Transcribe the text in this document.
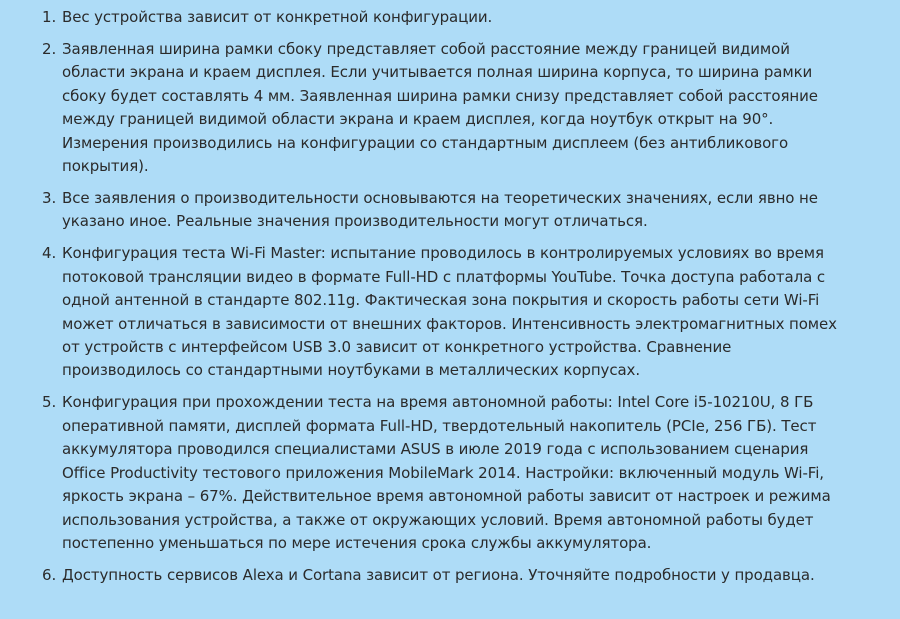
1. Вес устройства зависит от конкретной конфигурации.
2. Заявленная ширина рамки сбоку представляет собой расстояние между границей видимой области экрана и краем дисплея. Если учитывается полная ширина корпуса, то ширина рамки сбоку будет составлять 4 мм. Заявленная ширина рамки снизу представляет собой расстояние между границей видимой области экрана и краем дисплея, когда ноутбук открыт на 90°. Измерения производились на конфигурации со стандартным дисплеем (без антибликового покрытия).
3. Все заявления о производительности основываются на теоретических значениях, если явно не указано иное. Реальные значения производительности могут отличаться.
4. Конфигурация теста Wi-Fi Master: испытание проводилось в контролируемых условиях во время потоковой трансляции видео в формате Full-HD с платформы YouTube. Точка доступа работала с одной антенной в стандарте 802.11g. Фактическая зона покрытия и скорость работы сети Wi-Fi может отличаться в зависимости от внешних факторов. Интенсивность электромагнитных помех от устройств с интерфейсом USB 3.0 зависит от конкретного устройства. Сравнение производилось со стандартными ноутбуками в металлических корпусах.
5. Конфигурация при прохождении теста на время автономной работы: Intel Core i5-10210U, 8 ГБ оперативной памяти, дисплей формата Full-HD, твердотельный накопитель (PCIe, 256 ГБ). Тест аккумулятора проводился специалистами ASUS в июле 2019 года с использованием сценария Office Productivity тестового приложения MobileMark 2014. Настройки: включенный модуль Wi-Fi, яркость экрана – 67%. Действительное время автономной работы зависит от настроек и режима использования устройства, а также от окружающих условий. Время автономной работы будет постепенно уменьшаться по мере истечения срока службы аккумулятора.
6. Доступность сервисов Alexa и Cortana зависит от региона. Уточняйте подробности у продавца.
